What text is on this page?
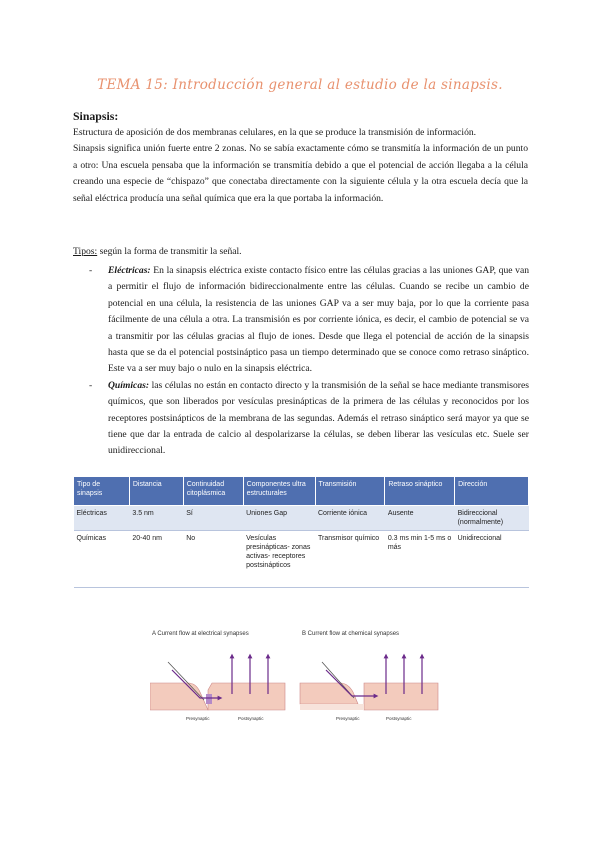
TEMA 15: Introducción general al estudio de la sinapsis.
Sinapsis:

Estructura de aposición de dos membranas celulares, en la que se produce la transmisión de información.

Sinapsis significa unión fuerte entre 2 zonas. No se sabía exactamente cómo se transmitía la información de un punto a otro: Una escuela pensaba que la información se transmitía debido a que el potencial de acción llegaba a la célula creando una especie de “chispazo” que conectaba directamente con la siguiente célula y la otra escuela decía que la señal eléctrica producía una señal química que era la que portaba la información.

Tipos: según la forma de transmitir la señal.
-	Eléctricas: En la sinapsis eléctrica existe contacto físico entre las células gracias a las uniones GAP, que van a permitir el flujo de información bidireccionalmente entre las células. Cuando se recibe un cambio de potencial en una célula, la resistencia de las uniones GAP va a ser muy baja, por lo que la corriente pasa fácilmente de una célula a otra. La transmisión es por corriente iónica, es decir, el cambio de potencial se va a transmitir por las células gracias al flujo de iones. Desde que llega el potencial de acción de la sinapsis hasta que se da el potencial postsináptico pasa un tiempo determinado que se conoce como retraso sináptico. Este va a ser muy bajo o nulo en la sinapsis eléctrica.
-	Químicas: las células no están en contacto directo y la transmisión de la señal se hace mediante transmisores químicos, que son liberados por vesículas presinápticas de la primera de las células y reconocidos por los receptores postsinápticos de la membrana de las segundas. Además el retraso sináptico será mayor ya que se tiene que dar la entrada de calcio al despolarizarse la células, se deben liberar las vesículas etc. Suele ser unidireccional.
Tipo de sinapsis	Distancia	Continuidad citoplásmica	Componentes ultra estructurales	Transmisión	Retraso sináptico	Dirección
Eléctricas	3.5 nm	Sí	Uniones Gap	Corriente iónica	Ausente	Bidireccional (normalmente)
Químicas	20-40 nm	No	Vesículas presinápticas- zonas activas- receptores postsinápticos	Transmisor químico	0.3 ms min 1-5 ms o más	Unidireccional
A Current flow at electrical synapses
Presynaptic	Postsynaptic
B Current flow at chemical synapses
Presynaptic	Postsynaptic
